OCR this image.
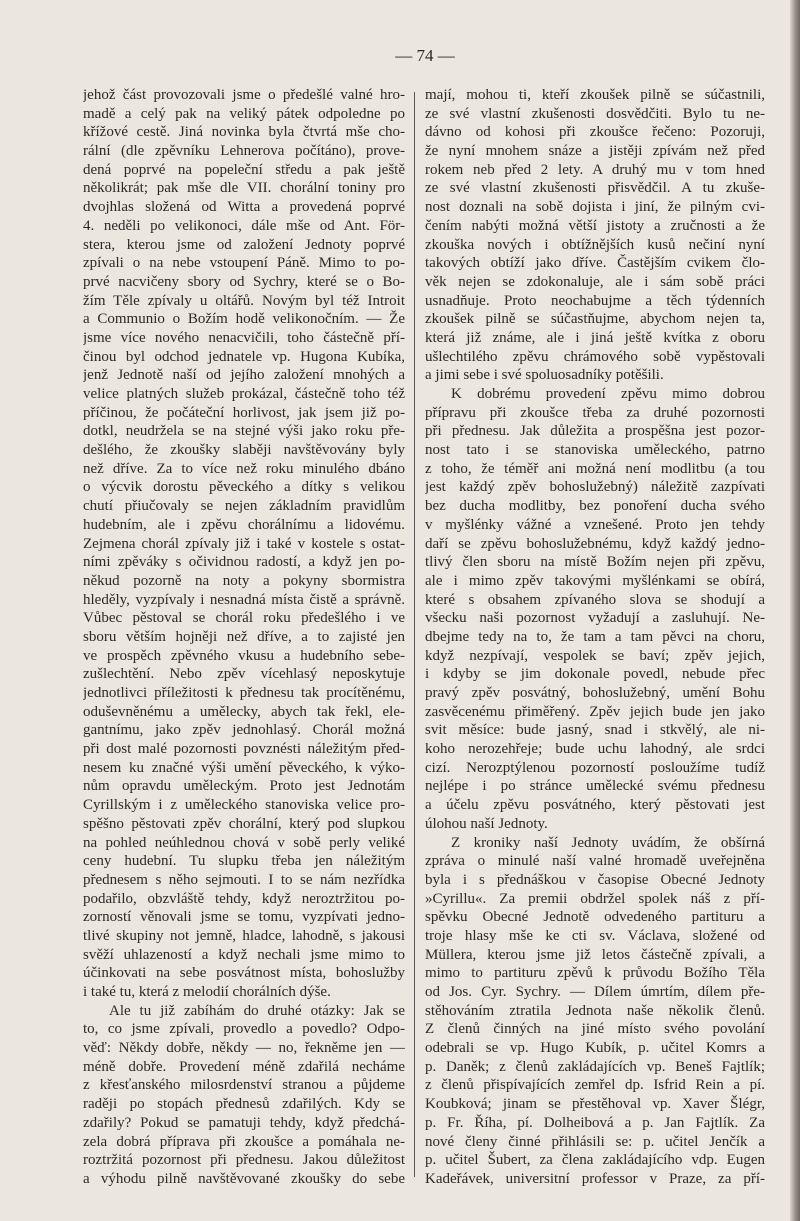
— 74 —
jehož část provozovali jsme o předešlé valné hro-
madě a celý pak na veliký pátek odpoledne po
křížové cestě. Jiná novinka byla čtvrtá mše cho-
rální (dle zpěvníku Lehnerova počítáno), prove-
dená poprvé na popeleční středu a pak ještě
několikrát; pak mše dle VII. chorální toniny pro
dvojhlas složená od Witta a provedená poprvé
4. neděli po velikonoci, dále mše od Ant. För-
stera, kterou jsme od založení Jednoty poprvé
zpívali o na nebe vstoupení Páně. Mimo to po-
prvé nacvičeny sbory od Sychry, které se o Bo-
žím Těle zpívaly u oltářů. Novým byl též Introit
a Communio o Božím hodě velikonočním. — Že
jsme více nového nenacvičili, toho částečně pří-
činou byl odchod jednatele vp. Hugona Kubíka,
jenž Jednotě naší od jejího založení mnohých a
velice platných služeb prokázal, částečně toho též
příčinou, že počáteční horlivost, jak jsem již po-
dotkl, neudržela se na stejné výši jako roku pře-
dešlého, že zkoušky slaběji navštěvovány byly
než dříve. Za to více než roku minulého dbáno
o výcvik dorostu pěveckého a dítky s velikou
chutí přiučovaly se nejen základním pravidlům
hudebním, ale i zpěvu chorálnímu a lidovému.
Zejmena chorál zpívaly již i také v kostele s ostat-
ními zpěváky s očividnou radostí, a když jen po-
někud pozorně na noty a pokyny sbormistra
hleděly, vyzpívaly i nesnadná místa čistě a správně.
Vůbec pěstoval se chorál roku předešlého i ve
sboru větším hojněji než dříve, a to zajisté jen
ve prospěch zpěvného vkusu a hudebního sebe-
zušlechtění. Nebo zpěv vícehlasý neposkytuje
jednotlivci příležitosti k přednesu tak procítěnému,
oduševněnému a umělecky, abych tak řekl, ele-
gantnímu, jako zpěv jednohlasý. Chorál možná
při dost malé pozornosti povznésti náležitým před-
nesem ku značné výši umění pěveckého, k výko-
nům opravdu uměleckým. Proto jest Jednotám
Cyrillským i z uměleckého stanoviska velice pro-
spěšno pěstovati zpěv chorální, který pod slupkou
na pohled neúhlednou chová v sobě perly veliké
ceny hudební. Tu slupku třeba jen náležitým
přednesem s něho sejmouti. I to se nám nezřídka
podařilo, obzvláště tehdy, když neroztržitou po-
zorností věnovali jsme se tomu, vyzpívati jedno-
tlivé skupiny not jemně, hladce, lahodně, s jakousi
svěží uhlazeností a když nechali jsme mimo to
účinkovati na sebe posvátnost místa, bohoslužby
i také tu, která z melodií chorálních dýše.
Ale tu již zabíhám do druhé otázky: Jak se
to, co jsme zpívali, provedlo a povedlo? Odpo-
věď: Někdy dobře, někdy — no, řekněme jen —
méně dobře. Provedení méně zdařilá necháme
z křesťanského milosrdenství stranou a půjdeme
raději po stopách přednesů zdařilých. Kdy se
zdařily? Pokud se pamatuji tehdy, když předchá-
zela dobrá příprava při zkoušce a pomáhala ne-
roztržitá pozornost při přednesu. Jakou důležitost
a výhodu pilně navštěvované zkoušky do sebe
mají, mohou ti, kteří zkoušek pilně se súčastnili,
ze své vlastní zkušenosti dosvědčiti. Bylo tu ne-
dávno od kohosi při zkoušce řečeno: Pozoruji,
že nyní mnohem snáze a jistěji zpívám než před
rokem neb před 2 lety. A druhý mu v tom hned
ze své vlastní zkušenosti přisvědčil. A tu zkuše-
nost doznali na sobě dojista i jiní, že pilným cvi-
čením nabýti možná větší jistoty a zručnosti a že
zkouška nových i obtížnějších kusů nečiní nyní
takových obtíží jako dříve. Častějším cvikem člo-
věk nejen se zdokonaluje, ale i sám sobě práci
usnadňuje. Proto neochabujme a těch týdenních
zkoušek pilně se súčastňujme, abychom nejen ta,
která již známe, ale i jiná ještě kvítka z oboru
ušlechtilého zpěvu chrámového sobě vypěstovali
a jimi sebe i své spoluosadníky potěšili.
K dobrému provedení zpěvu mimo dobrou
přípravu při zkoušce třeba za druhé pozornosti
při přednesu. Jak důležita a prospěšna jest pozor-
nost tato i se stanoviska uměleckého, patrno
z toho, že téměř ani možná není modlitbu (a tou
jest každý zpěv bohoslužebný) náležitě zazpívati
bez ducha modlitby, bez ponoření ducha svého
v myšlénky vážné a vznešené. Proto jen tehdy
daří se zpěvu bohoslužebnému, když každý jedno-
tlivý člen sboru na místě Božím nejen při zpěvu,
ale i mimo zpěv takovými myšlénkami se obírá,
které s obsahem zpívaného slova se shodují a
všecku naši pozornost vyžadují a zasluhují. Ne-
dbejme tedy na to, že tam a tam pěvci na choru,
když nezpívají, vespolek se baví; zpěv jejich,
i kdyby se jim dokonale povedl, nebude přec
pravý zpěv posvátný, bohoslužebný, umění Bohu
zasvěcenému přiměřený. Zpěv jejich bude jen jako
svit měsíce: bude jasný, snad i stkvělý, ale ni-
koho nerozehřeje; bude uchu lahodný, ale srdci
cizí. Nerozptýlenou pozorností posloužíme tudíž
nejlépe i po stránce umělecké svému přednesu
a účelu zpěvu posvátného, který pěstovati jest
úlohou naší Jednoty.
Z kroniky naší Jednoty uvádím, že obšírná
zpráva o minulé naší valné hromadě uveřejněna
byla i s přednáškou v časopise Obecné Jednoty
»Cyrillu«. Za premii obdržel spolek náš z pří-
spěvku Obecné Jednotě odvedeného partituru a
troje hlasy mše ke cti sv. Václava, složené od
Müllera, kterou jsme již letos částečně zpívali, a
mimo to partituru zpěvů k průvodu Božího Těla
od Jos. Cyr. Sychry. — Dílem úmrtím, dílem pře-
stěhováním ztratila Jednota naše několik členů.
Z členů činných na jiné místo svého povolání
odebrali se vp. Hugo Kubík, p. učitel Komrs a
p. Daněk; z členů zakládajících vp. Beneš Fajtlík;
z členů přispívajících zemřel dp. Isfrid Rein a pí.
Koubková; jinam se přestěhoval vp. Xaver Šlégr,
p. Fr. Říha, pí. Dolheibová a p. Jan Fajtlík. Za
nové členy činné přihlásili se: p. učitel Jenčík a
p. učitel Šubert, za člena zakládajícího vdp. Eugen
Kadeřávek, universitní professor v Praze, za pří-
